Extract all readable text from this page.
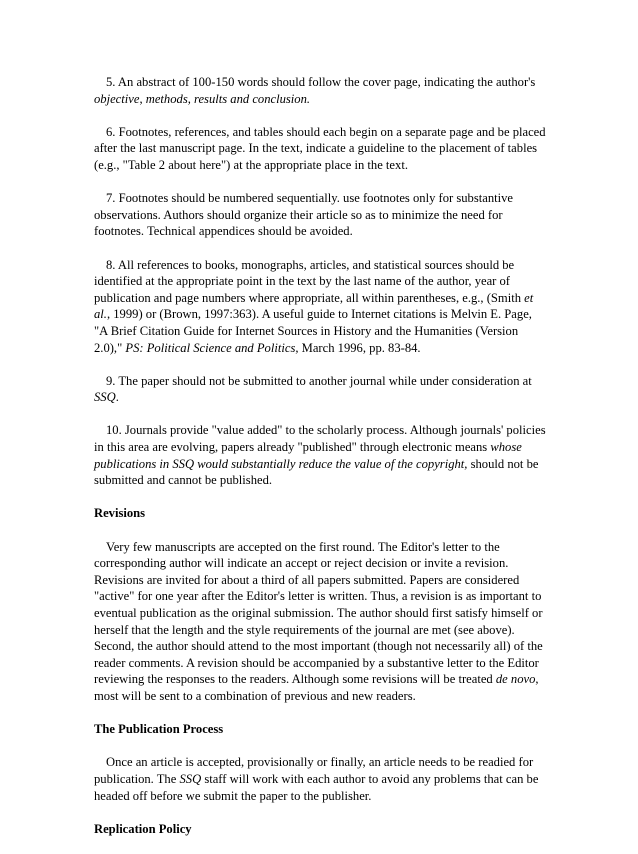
5. An abstract of 100-150 words should follow the cover page, indicating the author's objective, methods, results and conclusion.

6. Footnotes, references, and tables should each begin on a separate page and be placed after the last manuscript page. In the text, indicate a guideline to the placement of tables (e.g., "Table 2 about here") at the appropriate place in the text.

7. Footnotes should be numbered sequentially. use footnotes only for substantive observations. Authors should organize their article so as to minimize the need for footnotes. Technical appendices should be avoided.

8. All references to books, monographs, articles, and statistical sources should be identified at the appropriate point in the text by the last name of the author, year of publication and page numbers where appropriate, all within parentheses, e.g., (Smith et al., 1999) or (Brown, 1997:363). A useful guide to Internet citations is Melvin E. Page, "A Brief Citation Guide for Internet Sources in History and the Humanities (Version 2.0)," PS: Political Science and Politics, March 1996, pp. 83-84.

9. The paper should not be submitted to another journal while under consideration at SSQ.

10. Journals provide "value added" to the scholarly process. Although journals' policies in this area are evolving, papers already "published" through electronic means whose publications in SSQ would substantially reduce the value of the copyright, should not be submitted and cannot be published.

Revisions

Very few manuscripts are accepted on the first round. The Editor's letter to the corresponding author will indicate an accept or reject decision or invite a revision. Revisions are invited for about a third of all papers submitted. Papers are considered "active" for one year after the Editor's letter is written. Thus, a revision is as important to eventual publication as the original submission. The author should first satisfy himself or herself that the length and the style requirements of the journal are met (see above). Second, the author should attend to the most important (though not necessarily all) of the reader comments. A revision should be accompanied by a substantive letter to the Editor reviewing the responses to the readers. Although some revisions will be treated de novo, most will be sent to a combination of previous and new readers.

The Publication Process

Once an article is accepted, provisionally or finally, an article needs to be readied for publication. The SSQ staff will work with each author to avoid any problems that can be headed off before we submit the paper to the publisher.

Replication Policy
